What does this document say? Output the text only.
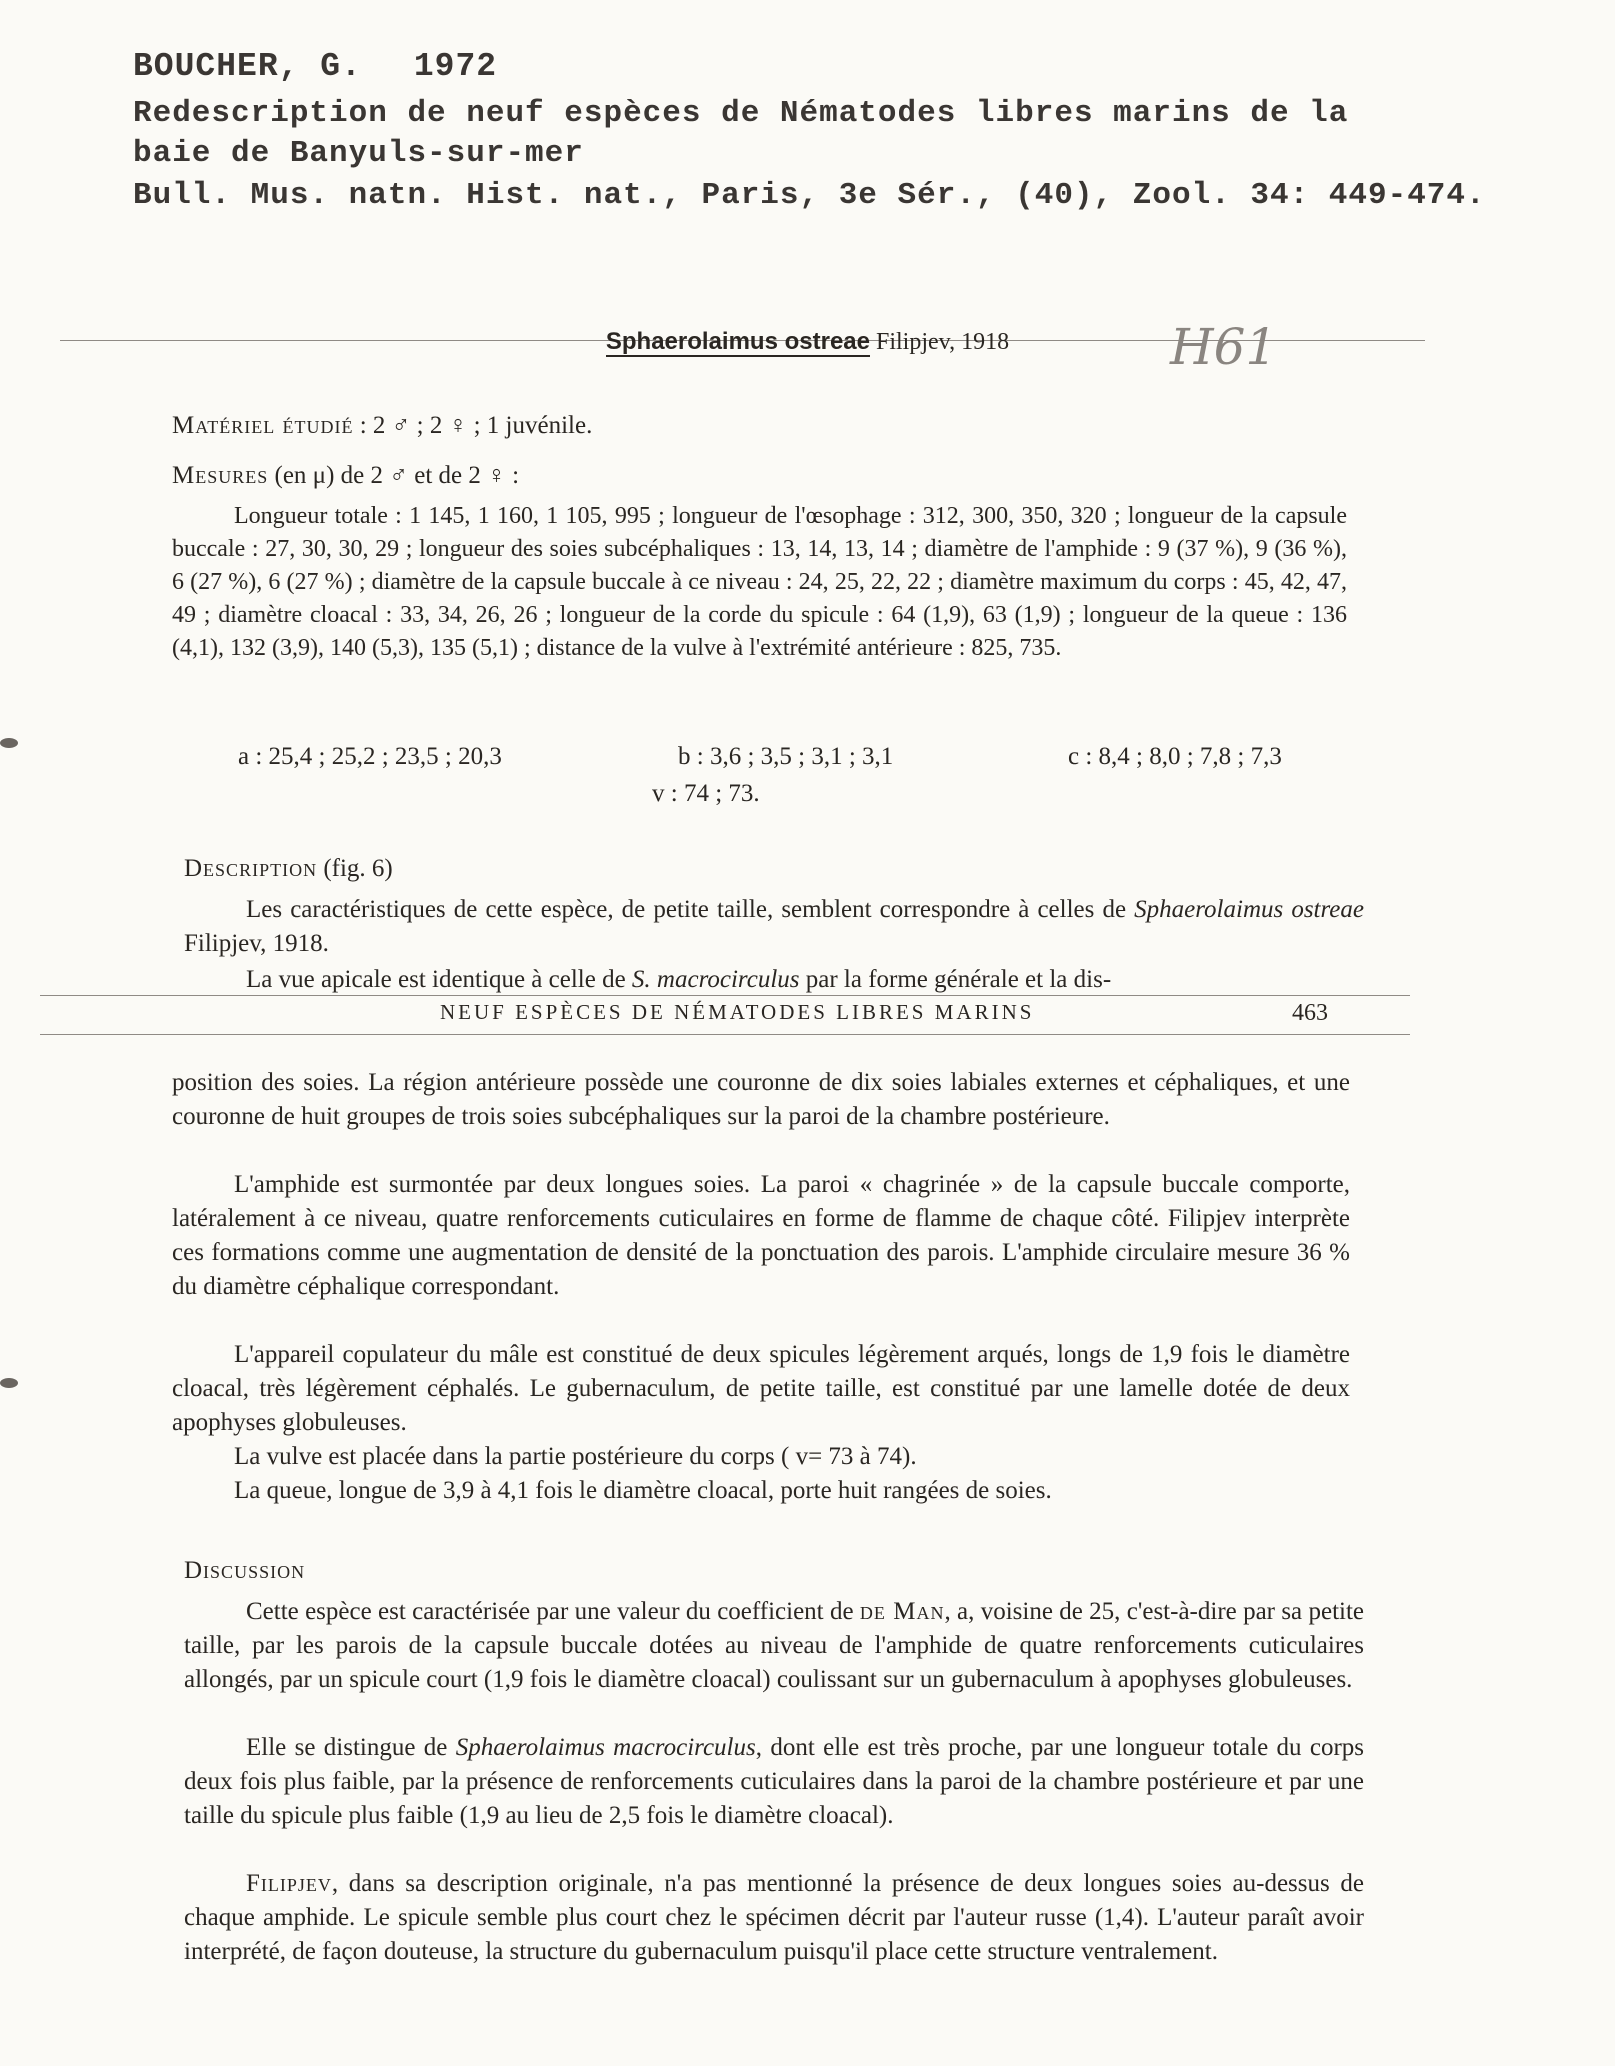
BOUCHER, G. 1972
Redescription de neuf espèces de Nématodes libres marins de la baie de Banyuls-sur-mer
Bull. Mus. natn. Hist. nat., Paris, 3e Sér., (40), Zool. 34: 449-474.
Sphaerolaimus ostreae Filipjev, 1918	H61
Matériel étudié : 2 ♂ ; 2 ♀ ; 1 juvénile.
Mesures (en μ) de 2 ♂ et de 2 ♀ :
Longueur totale : 1 145, 1 160, 1 105, 995 ; longueur de l'œsophage : 312, 300, 350, 320 ; longueur de la capsule buccale : 27, 30, 30, 29 ; longueur des soies subcéphaliques : 13, 14, 13, 14 ; diamètre de l'amphide : 9 (37 %), 9 (36 %), 6 (27 %), 6 (27 %) ; diamètre de la capsule buccale à ce niveau : 24, 25, 22, 22 ; diamètre maximum du corps : 45, 42, 47, 49 ; diamètre cloacal : 33, 34, 26, 26 ; longueur de la corde du spicule : 64 (1,9), 63 (1,9) ; longueur de la queue : 136 (4,1), 132 (3,9), 140 (5,3), 135 (5,1) ; distance de la vulve à l'extrémité antérieure : 825, 735.
a : 25,4 ; 25,2 ; 23,5 ; 20,3	b : 3,6 ; 3,5 ; 3,1 ; 3,1	c : 8,4 ; 8,0 ; 7,8 ; 7,3
v : 74 ; 73.
Description (fig. 6)
Les caractéristiques de cette espèce, de petite taille, semblent correspondre à celles de Sphaerolaimus ostreae Filipjev, 1918.
La vue apicale est identique à celle de S. macrocirculus par la forme générale et la dis-
NEUF ESPÈCES DE NÉMATODES LIBRES MARINS	463
position des soies. La région antérieure possède une couronne de dix soies labiales externes et céphaliques, et une couronne de huit groupes de trois soies subcéphaliques sur la paroi de la chambre postérieure.
L'amphide est surmontée par deux longues soies. La paroi « chagrinée » de la capsule buccale comporte, latéralement à ce niveau, quatre renforcements cuticulaires en forme de flamme de chaque côté. Filipjev interprète ces formations comme une augmentation de densité de la ponctuation des parois. L'amphide circulaire mesure 36 % du diamètre céphalique correspondant.
L'appareil copulateur du mâle est constitué de deux spicules légèrement arqués, longs de 1,9 fois le diamètre cloacal, très légèrement céphalés. Le gubernaculum, de petite taille, est constitué par une lamelle dotée de deux apophyses globuleuses.
La vulve est placée dans la partie postérieure du corps ( v= 73 à 74).
La queue, longue de 3,9 à 4,1 fois le diamètre cloacal, porte huit rangées de soies.
Discussion
Cette espèce est caractérisée par une valeur du coefficient de de Man, a, voisine de 25, c'est-à-dire par sa petite taille, par les parois de la capsule buccale dotées au niveau de l'amphide de quatre renforcements cuticulaires allongés, par un spicule court (1,9 fois le diamètre cloacal) coulissant sur un gubernaculum à apophyses globuleuses.
Elle se distingue de Sphaerolaimus macrocirculus, dont elle est très proche, par une longueur totale du corps deux fois plus faible, par la présence de renforcements cuticulaires dans la paroi de la chambre postérieure et par une taille du spicule plus faible (1,9 au lieu de 2,5 fois le diamètre cloacal).
Filipjev, dans sa description originale, n'a pas mentionné la présence de deux longues soies au-dessus de chaque amphide. Le spicule semble plus court chez le spécimen décrit par l'auteur russe (1,4). L'auteur paraît avoir interprété, de façon douteuse, la structure du gubernaculum puisqu'il place cette structure ventralement.
